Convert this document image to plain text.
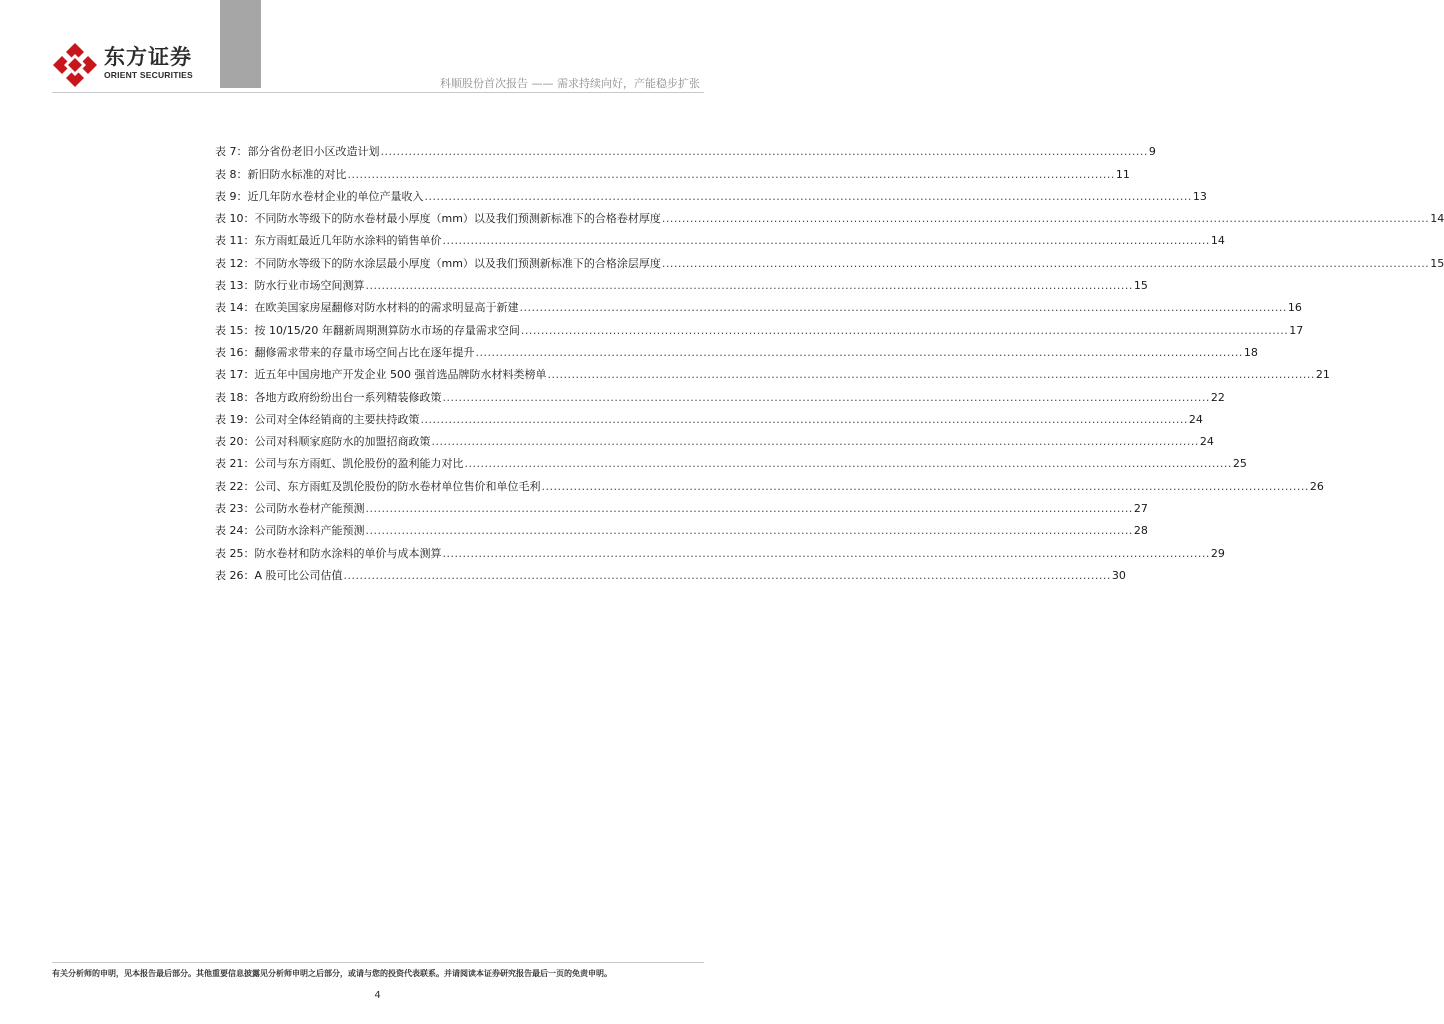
东方证券
ORIENT SECURITIES
科顺股份首次报告 —— 需求持续向好，产能稳步扩张
表 7：部分省份老旧小区改造计划 .....	9
表 8：新旧防水标准的对比 .....	11
表 9：近几年防水卷材企业的单位产量收入 .....	13
表 10：不同防水等级下的防水卷材最小厚度（mm）以及我们预测新标准下的合格卷材厚度 .....	14
表 11：东方雨虹最近几年防水涂料的销售单价 .....	14
表 12：不同防水等级下的防水涂层最小厚度（mm）以及我们预测新标准下的合格涂层厚度 .....	15
表 13：防水行业市场空间测算 .....	15
表 14：在欧美国家房屋翻修对防水材料的的需求明显高于新建 .....	16
表 15：按 10/15/20 年翻新周期测算防水市场的存量需求空间 .....	17
表 16：翻修需求带来的存量市场空间占比在逐年提升 .....	18
表 17：近五年中国房地产开发企业 500 强首选品牌防水材料类榜单 .....	21
表 18：各地方政府纷纷出台一系列精装修政策 .....	22
表 19：公司对全体经销商的主要扶持政策 .....	24
表 20：公司对科顺家庭防水的加盟招商政策 .....	24
表 21：公司与东方雨虹、凯伦股份的盈利能力对比 .....	25
表 22：公司、东方雨虹及凯伦股份的防水卷材单位售价和单位毛利 .....	26
表 23：公司防水卷材产能预测 .....	27
表 24：公司防水涂料产能预测 .....	28
表 25：防水卷材和防水涂料的单价与成本测算 .....	29
表 26：A 股可比公司估值 .....	30
有关分析师的申明，见本报告最后部分。其他重要信息披露见分析师申明之后部分，或请与您的投资代表联系。并请阅读本证券研究报告最后一页的免责申明。
4
